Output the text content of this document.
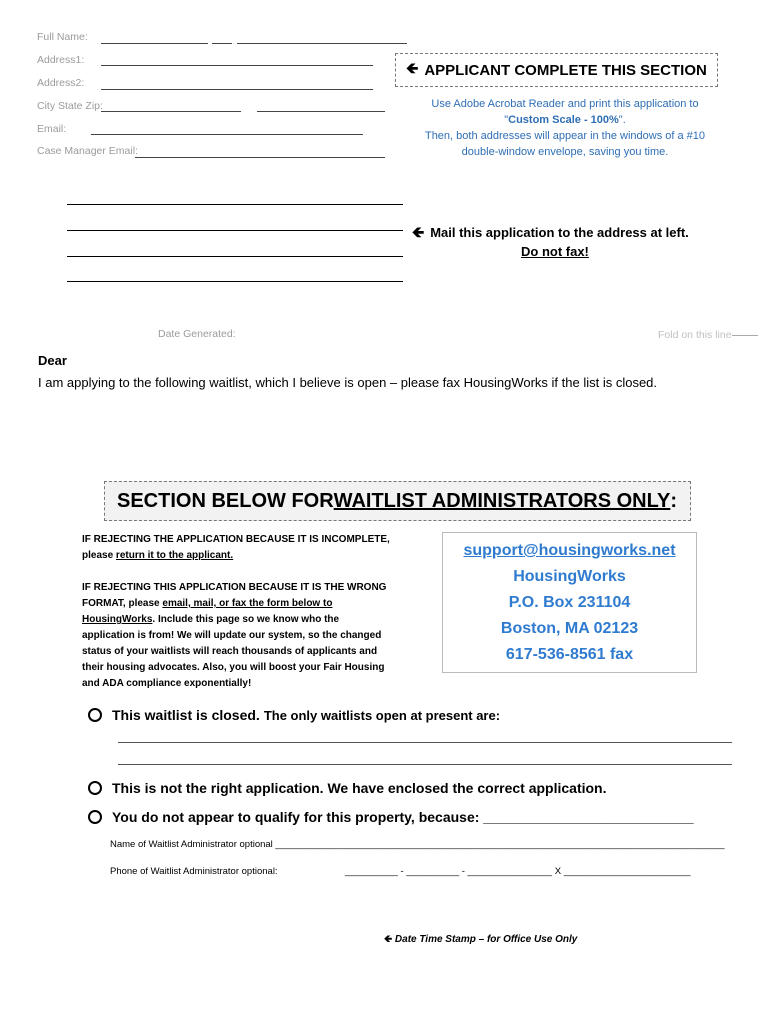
Full Name:
Address1:
Address2:
City State Zip:
Email:
Case Manager Email:
🡸 APPLICANT COMPLETE THIS SECTION
Use Adobe Acrobat Reader and print this application to
"Custom Scale - 100%".
Then, both addresses will appear in the windows of a #10
double-window envelope, saving you time.
🡸 Mail this application to the address at left.
Do not fax!
Date Generated:	Fold on this line
Dear
I am applying to the following waitlist, which I believe is open – please fax HousingWorks if the list is closed.
SECTION BELOW FOR WAITLIST ADMINISTRATORS ONLY :
IF REJECTING THE APPLICATION BECAUSE IT IS INCOMPLETE,
please return it to the applicant.
IF REJECTING THIS APPLICATION BECAUSE IT IS THE WRONG
FORMAT, please email, mail, or fax the form below to
HousingWorks. Include this page so we know who the
application is from! We will update our system, so the changed
status of your waitlists will reach thousands of applicants and
their housing advocates. Also, you will boost your Fair Housing
and ADA compliance exponentially!
support@housingworks.net
HousingWorks
P.O. Box 231104
Boston, MA 02123
617-536-8561 fax
This waitlist is closed. The only waitlists open at present are:
This is not the right application. We have enclosed the correct application.
You do not appear to qualify for this property, because: ___________________________
Name of Waitlist Administrator optional _____________________________________________________________________________________
Phone of Waitlist Administrator optional:	__________ - __________ - ________________ X ________________________
🡸 Date Time Stamp – for Office Use Only
